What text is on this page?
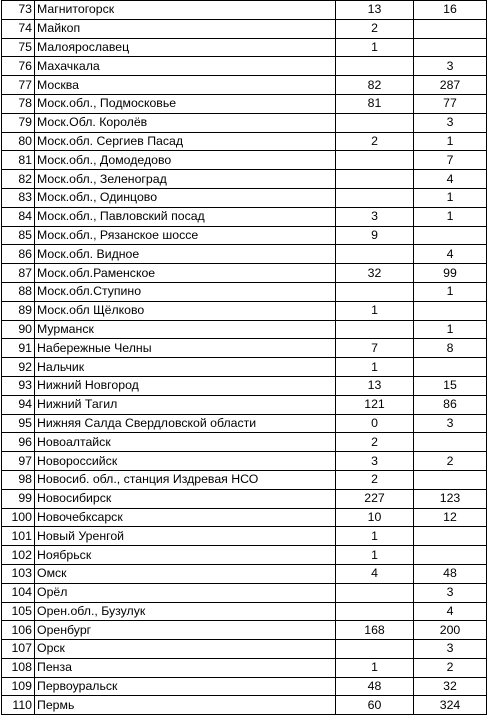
73	Магнитогорск	13	16
74	Майкоп	2	
75	Малоярославец	1	
76	Махачкала		3
77	Москва	82	287
78	Моск.обл., Подмосковье	81	77
79	Моск.Обл. Королёв		3
80	Моск.обл. Сергиев Пасад	2	1
81	Моск.обл., Домодедово		7
82	Моск.обл., Зеленоград		4
83	Моск.обл., Одинцово		1
84	Моск.обл., Павловский посад	3	1
85	Моск.обл., Рязанское шоссе	9	
86	Моск.обл. Видное		4
87	Моск.обл.Раменское	32	99
88	Моск.обл.Ступино		1
89	Моск.обл Щёлково	1	
90	Мурманск		1
91	Набережные Челны	7	8
92	Нальчик	1	
93	Нижний Новгород	13	15
94	Нижний Тагил	121	86
95	Нижняя Салда Свердловской области	0	3
96	Новоалтайск	2	
97	Новороссийск	3	2
98	Новосиб. обл., станция Издревая НСО	2	
99	Новосибирск	227	123
100	Новочебксарск	10	12
101	Новый Уренгой	1	
102	Ноябрьск	1	
103	Омск	4	48
104	Орёл		3
105	Орен.обл., Бузулук		4
106	Оренбург	168	200
107	Орск		3
108	Пенза	1	2
109	Первоуральск	48	32
110	Пермь	60	324
